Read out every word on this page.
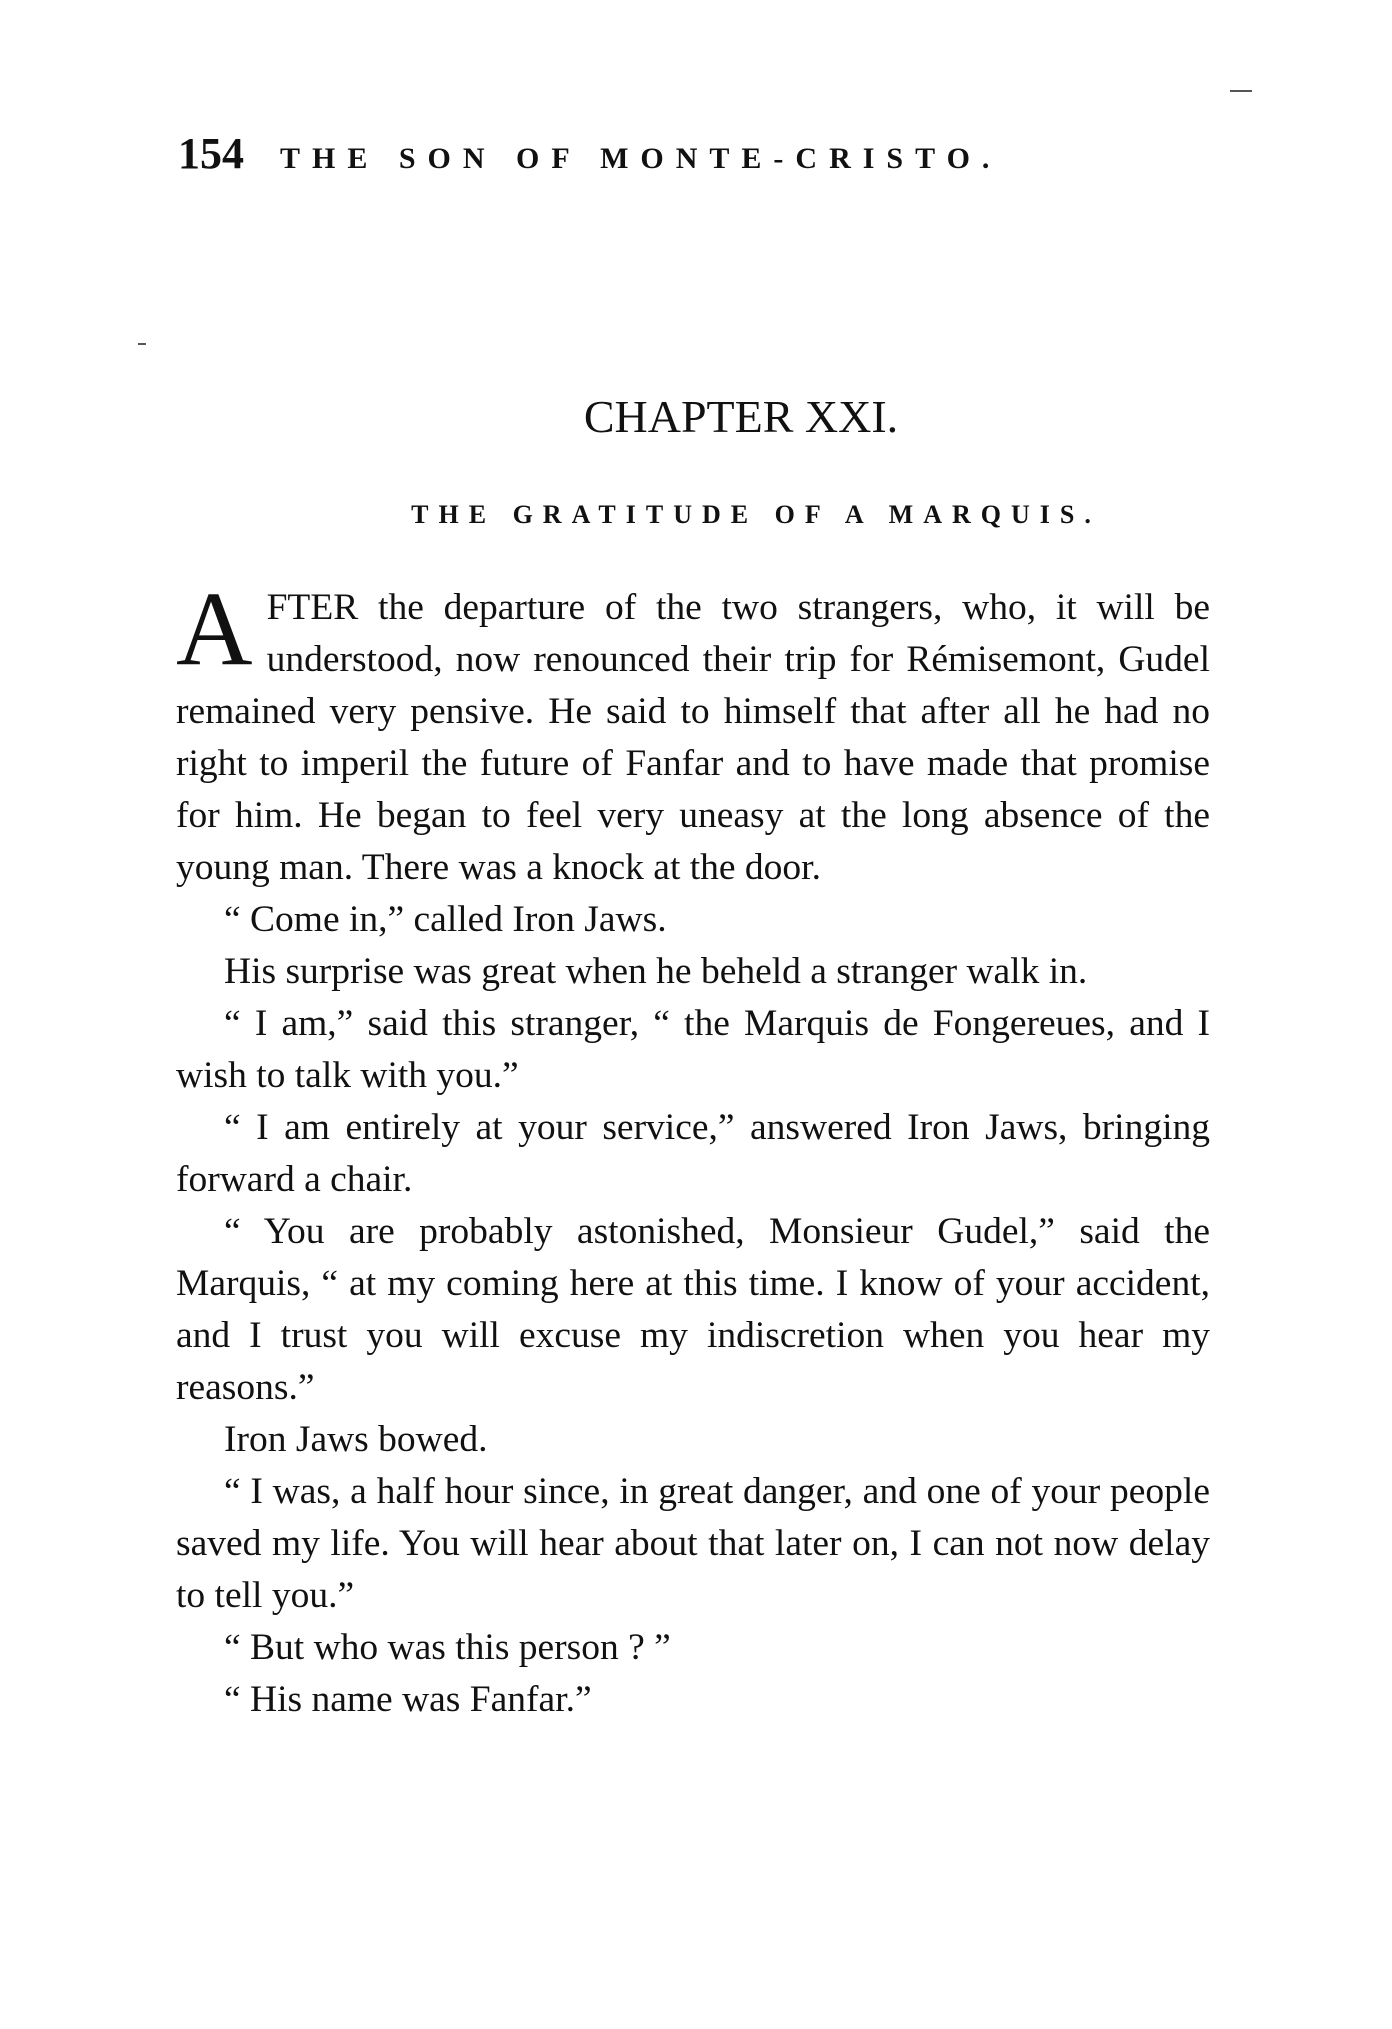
154 THE SON OF MONTE-CRISTO.
CHAPTER XXI.
THE GRATITUDE OF A MARQUIS.

AFTER the departure of the two strangers, who, it will be understood, now renounced their trip for Rémisemont, Gudel remained very pensive. He said to himself that after all he had no right to imperil the future of Fanfar and to have made that promise for him. He began to feel very uneasy at the long absence of the young man. There was a knock at the door.

“ Come in,” called Iron Jaws.

His surprise was great when he beheld a stranger walk in.

“ I am,” said this stranger, “ the Marquis de Fongereues, and I wish to talk with you.”

“ I am entirely at your service,” answered Iron Jaws, bringing forward a chair.

“ You are probably astonished, Monsieur Gudel,” said the Marquis, “ at my coming here at this time. I know of your accident, and I trust you will excuse my indiscretion when you hear my reasons.”

Iron Jaws bowed.

“ I was, a half hour since, in great danger, and one of your people saved my life. You will hear about that later on, I can not now delay to tell you.”

“ But who was this person ? ”

“ His name was Fanfar.”
